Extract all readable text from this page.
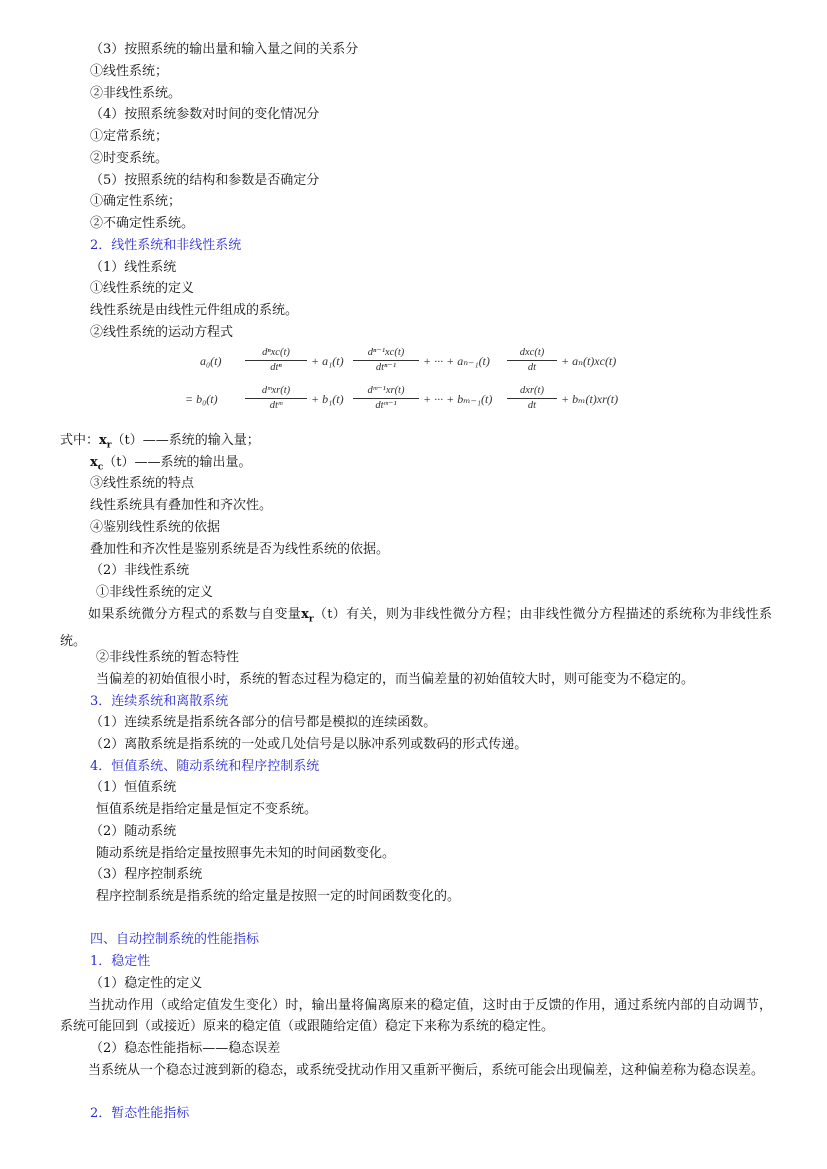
（3）按照系统的输出量和输入量之间的关系分
①线性系统；
②非线性系统。
（4）按照系统参数对时间的变化情况分
①定常系统；
②时变系统。
（5）按照系统的结构和参数是否确定分
①确定性系统；
②不确定性系统。
2．线性系统和非线性系统
（1）线性系统
①线性系统的定义
线性系统是由线性元件组成的系统。
②线性系统的运动方程式
a₀(t)
dⁿxc(t)
dtⁿ	+ a₁(t)
dⁿ⁻¹xc(t)
dtⁿ⁻¹	+ ··· + aₙ₋₁(t)
dxc(t)
dt	+ aₙ(t)xc(t)
= b₀(t)
dᵐxr(t)
dtᵐ	+ b₁(t)
dᵐ⁻¹xr(t)
dtᵐ⁻¹	+ ··· + bₘ₋₁(t)
dxr(t)
dt	+ bₘ(t)xr(t)
式中：$x_r(t)——$系统的输入量；
$x_c(t)——$系统的输出量。
③线性系统的特点
线性系统具有叠加性和齐次性。
④鉴别线性系统的依据
叠加性和齐次性是鉴别系统是否为线性系统的依据。
（2）非线性系统
①非线性系统的定义
如果系统微分方程式的系数与自变量$x_r(t)$有关，则为非线性微分方程；由非线性微分方程描述的系统称为非线性系统。
②非线性系统的暂态特性
当偏差的初始值很小时，系统的暂态过程为稳定的，而当偏差量的初始值较大时，则可能变为不稳定的。
3．连续系统和离散系统
（1）连续系统是指系统各部分的信号都是模拟的连续函数。
（2）离散系统是指系统的一处或几处信号是以脉冲系列或数码的形式传递。
4．恒值系统、随动系统和程序控制系统
（1）恒值系统
恒值系统是指给定量是恒定不变系统。
（2）随动系统
随动系统是指给定量按照事先未知的时间函数变化。
（3）程序控制系统
程序控制系统是指系统的给定量是按照一定的时间函数变化的。
四、自动控制系统的性能指标
1．稳定性
（1）稳定性的定义
当扰动作用（或给定值发生变化）时，输出量将偏离原来的稳定值，这时由于反馈的作用，通过系统内部的自动调节，系统可能回到（或接近）原来的稳定值（或跟随给定值）稳定下来称为系统的稳定性。
（2）稳态性能指标——稳态误差
当系统从一个稳态过渡到新的稳态，或系统受扰动作用又重新平衡后，系统可能会出现偏差，这种偏差称为稳态误差。
2．暂态性能指标
